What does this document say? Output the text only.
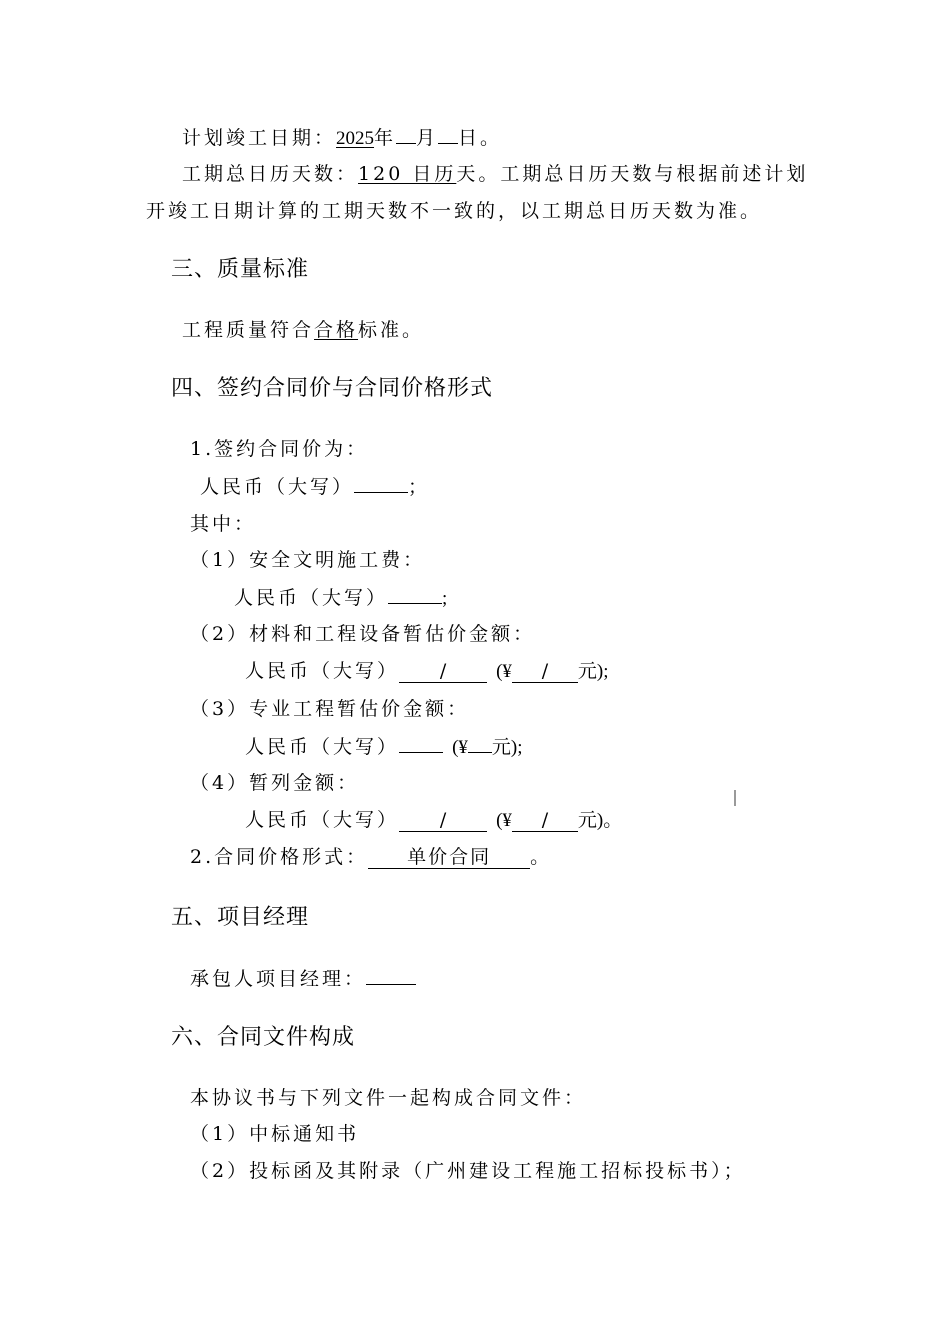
计划竣工日期：2025年 月 日。
工期总日历天数：120 日历天。工期总日历天数与根据前述计划
开竣工日期计算的工期天数不一致的，以工期总日历天数为准。
三、质量标准
工程质量符合合格标准。
四、签约合同价与合同价格形式
1.签约合同价为：
人民币（大写）	；
其中：
（1）安全文明施工费：
人民币（大写）	;
（2）材料和工程设备暂估价金额：
人民币（大写） /	(¥ / 元);
（3）专业工程暂估价金额：
人民币（大写）	(¥ 元);
（4）暂列金额：
人民币（大写） /	(¥ / 元)。
2.合同价格形式： 单价合同 。
五、项目经理
承包人项目经理：
六、合同文件构成
本协议书与下列文件一起构成合同文件：
（1）中标通知书
（2）投标函及其附录（广州建设工程施工招标投标书）；
